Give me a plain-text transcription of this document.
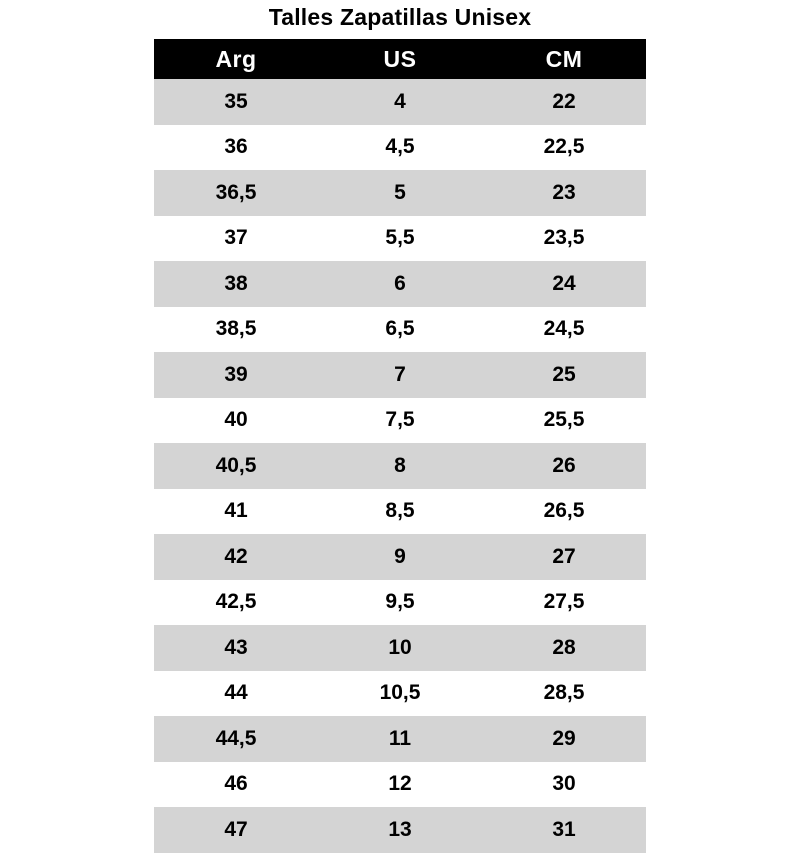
Talles Zapatillas Unisex
Arg	US	CM
35	4	22
36	4,5	22,5
36,5	5	23
37	5,5	23,5
38	6	24
38,5	6,5	24,5
39	7	25
40	7,5	25,5
40,5	8	26
41	8,5	26,5
42	9	27
42,5	9,5	27,5
43	10	28
44	10,5	28,5
44,5	11	29
46	12	30
47	13	31
